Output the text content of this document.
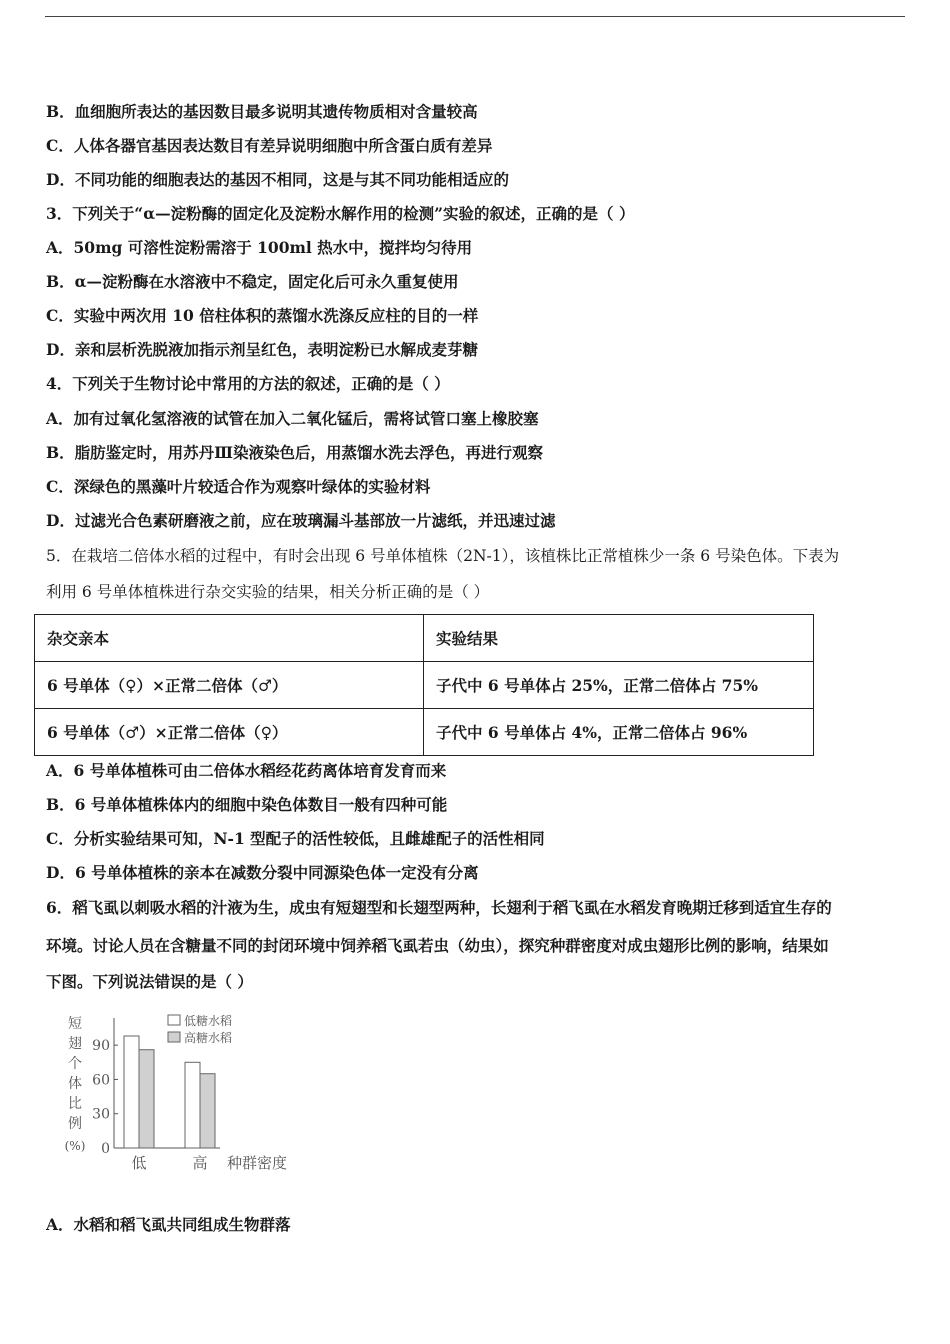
B．血细胞所表达的基因数目最多说明其遗传物质相对含量较高
C．人体各器官基因表达数目有差异说明细胞中所含蛋白质有差异
D．不同功能的细胞表达的基因不相同，这是与其不同功能相适应的
3．下列关于“α—淀粉酶的固定化及淀粉水解作用的检测”实验的叙述，正确的是（ ）
A．50mg 可溶性淀粉需溶于 100ml 热水中，搅拌均匀待用
B．α—淀粉酶在水溶液中不稳定，固定化后可永久重复使用
C．实验中两次用 10 倍柱体积的蒸馏水洗涤反应柱的目的一样
D．亲和层析洗脱液加指示剂呈红色，表明淀粉已水解成麦芽糖
4．下列关于生物讨论中常用的方法的叙述，正确的是（ ）
A．加有过氧化氢溶液的试管在加入二氧化锰后，需将试管口塞上橡胶塞
B．脂肪鉴定时，用苏丹Ⅲ染液染色后，用蒸馏水洗去浮色，再进行观察
C．深绿色的黑藻叶片较适合作为观察叶绿体的实验材料
D．过滤光合色素研磨液之前，应在玻璃漏斗基部放一片滤纸，并迅速过滤
5．在栽培二倍体水稻的过程中，有时会出现 6 号单体植株（2N-1），该植株比正常植株少一条 6 号染色体。下表为
利用 6 号单体植株进行杂交实验的结果，相关分析正确的是（ ）
杂交亲本	实验结果
6 号单体（♀）×正常二倍体（♂）	子代中 6 号单体占 25%，正常二倍体占 75%
6 号单体（♂）×正常二倍体（♀）	子代中 6 号单体占 4%，正常二倍体占 96%
A．6 号单体植株可由二倍体水稻经花药离体培育发育而来
B．6 号单体植株体内的细胞中染色体数目一般有四种可能
C．分析实验结果可知，N-1 型配子的活性较低，且雌雄配子的活性相同
D．6 号单体植株的亲本在减数分裂中同源染色体一定没有分离
6．稻飞虱以刺吸水稻的汁液为生，成虫有短翅型和长翅型两种，长翅利于稻飞虱在水稻发育晚期迁移到适宜生存的
环境。讨论人员在含糖量不同的封闭环境中饲养稻飞虱若虫（幼虫），探究种群密度对成虫翅形比例的影响，结果如
下图。下列说法错误的是（ ）
短
翅
个
体
比
例
(%) 0
30
60
90
低	高 种群密度
低糖水稻
高糖水稻
A．水稻和稻飞虱共同组成生物群落
